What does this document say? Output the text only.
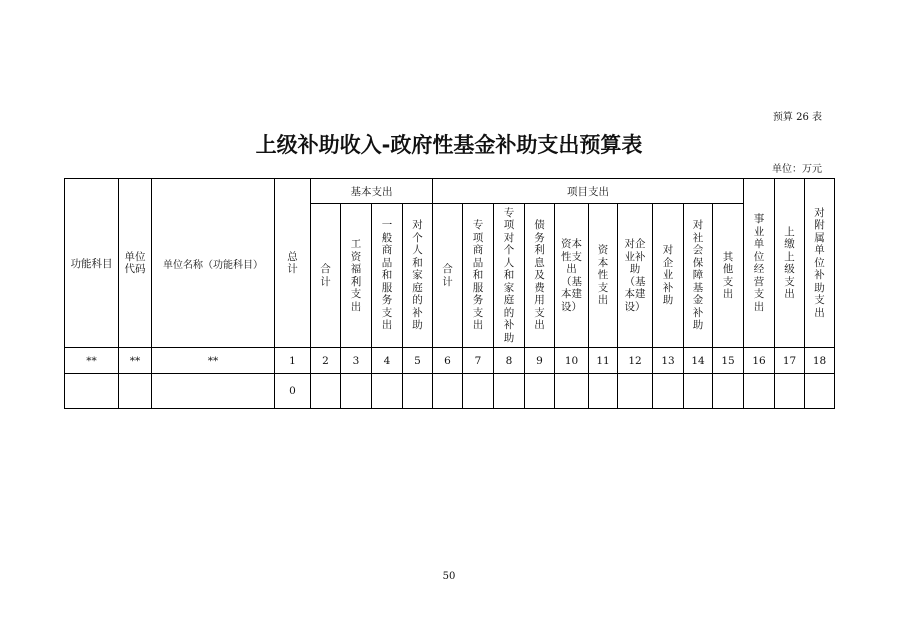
预算 26 表
上级补助收入-政府性基金补助支出预算表
单位：万元
功能科目	单位代码	单位名称（功能科目）	总计	基本支出				项目支出										事业单位经营支出	上缴上级支出	对附属单位补助支出
				合计	工资福利支出	一般商品和服务支出	对个人和家庭的补助	合计	专项商品和服务支出	专项对个人和家庭的补助	债务利息及费用支出	资本性支出（基本建设）	资本性支出	对企业补助（基本建设）	对企业补助	对社会保障基金补助	其他支出			
**	**	**	1	2	3	4	5	6	7	8	9	10	11	12	13	14	15	16	17	18
			0																	
50
